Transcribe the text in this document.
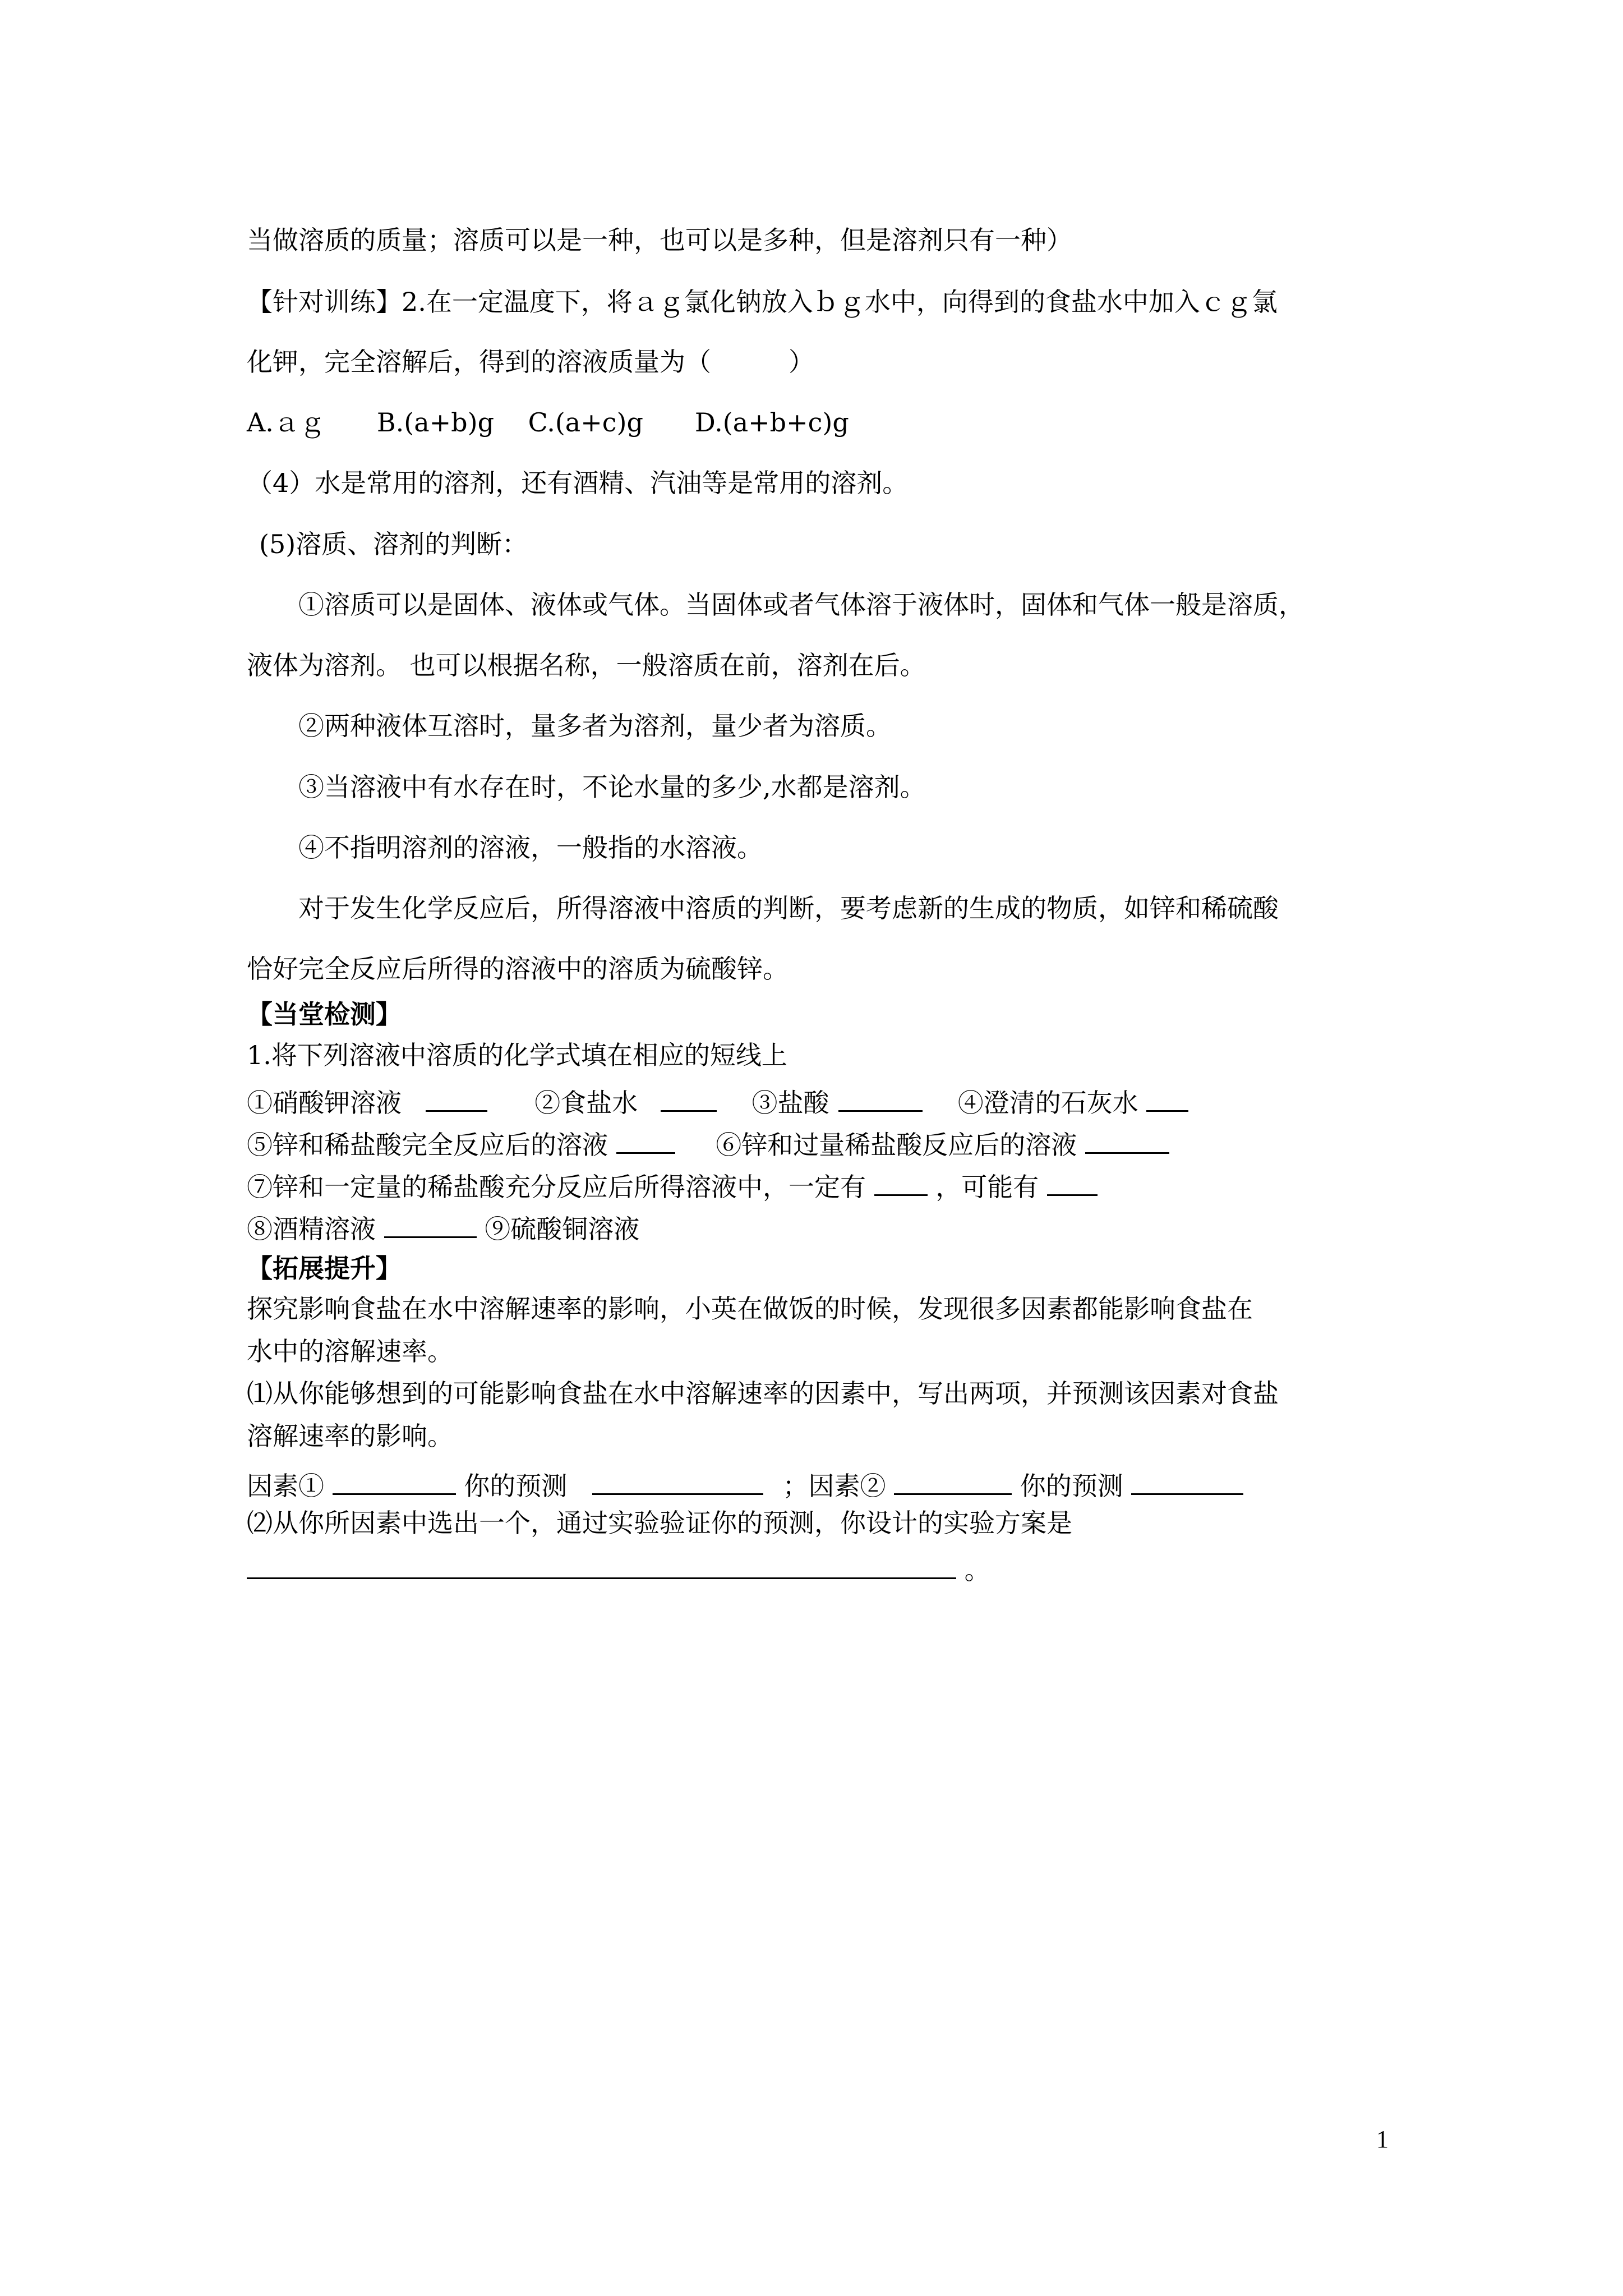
当做溶质的质量；溶质可以是一种，也可以是多种，但是溶剂只有一种）
【针对训练】2.在一定温度下，将ａｇ氯化钠放入ｂｇ水中，向得到的食盐水中加入ｃｇ氯
化钾，完全溶解后，得到的溶液质量为（　　　）
A.ａｇ　　B.(a+b)g　 C.(a+c)g　　D.(a+b+c)g
（4）水是常用的溶剂，还有酒精、汽油等是常用的溶剂。
(5)溶质、溶剂的判断：
①溶质可以是固体、液体或气体。当固体或者气体溶于液体时，固体和气体一般是溶质，
液体为溶剂。 也可以根据名称，一般溶质在前，溶剂在后。
②两种液体互溶时，量多者为溶剂，量少者为溶质。
③当溶液中有水存在时，不论水量的多少,水都是溶剂。
④不指明溶剂的溶液，一般指的水溶液。
对于发生化学反应后，所得溶液中溶质的判断，要考虑新的生成的物质，如锌和稀硫酸
恰好完全反应后所得的溶液中的溶质为硫酸锌。
【当堂检测】
1.将下列溶液中溶质的化学式填在相应的短线上
①硝酸钾溶液	②食盐水	③盐酸	④澄清的石灰水
⑤锌和稀盐酸完全反应后的溶液	⑥锌和过量稀盐酸反应后的溶液
⑦锌和一定量的稀盐酸充分反应后所得溶液中，一定有	，可能有
⑧酒精溶液	⑨硫酸铜溶液
【拓展提升】
探究影响食盐在水中溶解速率的影响，小英在做饭的时候，发现很多因素都能影响食盐在
水中的溶解速率。
⑴从你能够想到的可能影响食盐在水中溶解速率的因素中，写出两项，并预测该因素对食盐
溶解速率的影响。
因素①	你的预测	；因素②	你的预测
⑵从你所因素中选出一个，通过实验验证你的预测，你设计的实验方案是
。
1
